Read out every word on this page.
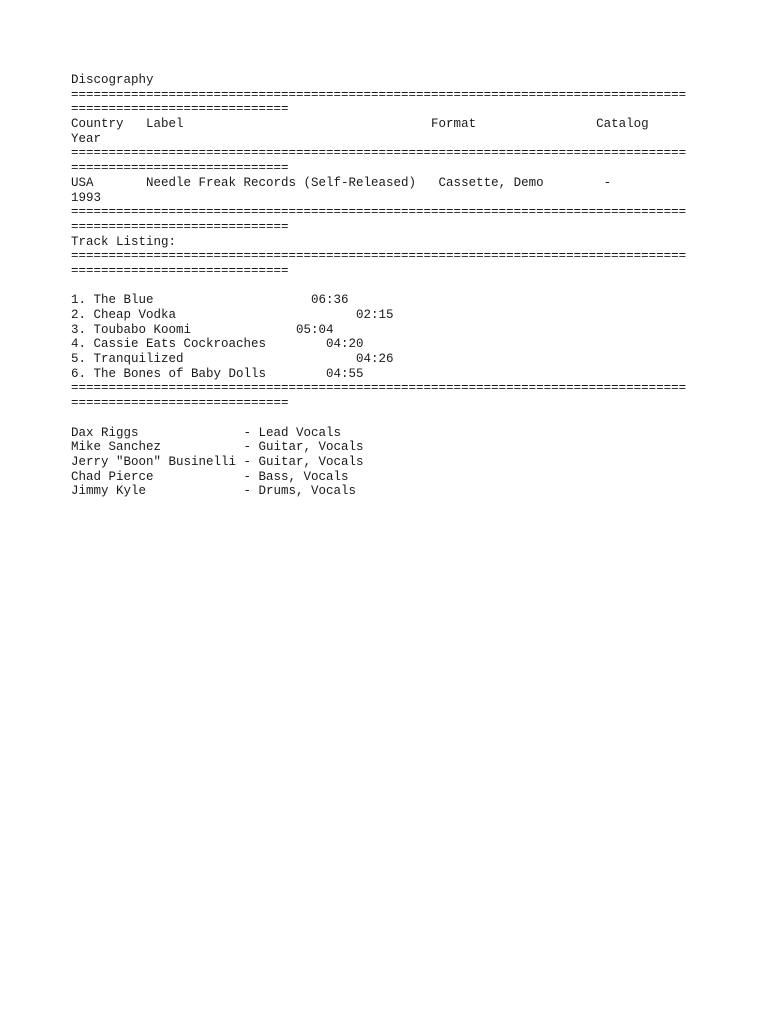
Discography
==================================================================================
=============================
Country   Label                                 Format                Catalog
Year
==================================================================================
=============================
USA       Needle Freak Records (Self-Released)   Cassette, Demo        -
1993
==================================================================================
=============================
Track Listing:
==================================================================================
=============================
1. The Blue                     06:36
2. Cheap Vodka                        02:15
3. Toubabo Koomi              05:04
4. Cassie Eats Cockroaches        04:20
5. Tranquilized                       04:26
6. The Bones of Baby Dolls        04:55
==================================================================================
=============================
Dax Riggs              - Lead Vocals
Mike Sanchez           - Guitar, Vocals
Jerry "Boon" Businelli - Guitar, Vocals
Chad Pierce            - Bass, Vocals
Jimmy Kyle             - Drums, Vocals
